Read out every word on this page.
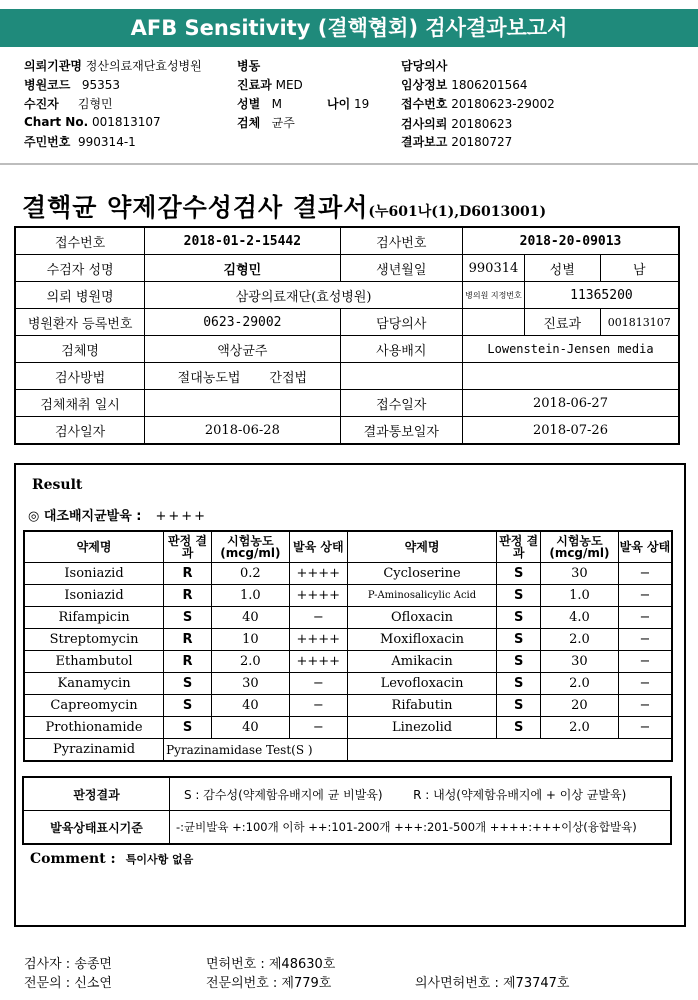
AFB Sensitivity (결핵협회) 검사결과보고서
의뢰기관명 정산의료재단효성병원	병동	담당의사
병원코드 95353	진료과 MED	임상정보 1806201564
수진자 김형민	성별 M	나이 19	접수번호 20180623-29002
Chart No. 001813107	검체 균주	검사의뢰 20180623
주민번호 990314-1	결과보고 20180727
결핵균 약제감수성검사 결과서(누601나(1),D6013001)
접수번호	2018-01-2-15442	검사번호	2018-20-09013		
수검자 성명	김형민	생년월일	990314	성별	남
의뢰 병원명	삼광의료재단(효성병원)		병의원 지정번호	11365200	
병원환자 등록번호	0623-29002	담당의사		진료과	001813107
검체명	액상균주	사용배지	Lowenstein-Jensen media		
검사방법	절대농도법 간접법				
검체채취 일시		접수일자	2018-06-27		
검사일자	2018-06-28	결과통보일자	2018-07-26		
Result
◎ 대조배지균발육 : ++++
약제명	판정 결과	시험농도 (mcg/ml)	발육 상태	약제명	판정 결과	시험농도 (mcg/ml)	발육 상태
Isoniazid	R	0.2	++++	Cycloserine	S	30	−
Isoniazid	R	1.0	++++	P-Aminosalicylic Acid	S	1.0	−
Rifampicin	S	40	−	Ofloxacin	S	4.0	−
Streptomycin	R	10	++++	Moxifloxacin	S	2.0	−
Ethambutol	R	2.0	++++	Amikacin	S	30	−
Kanamycin	S	30	−	Levofloxacin	S	2.0	−
Capreomycin	S	40	−	Rifabutin	S	20	−
Prothionamide	S	40	−	Linezolid	S	2.0	−
Pyrazinamid	Pyrazinamidase Test(S )						
판정결과	S : 감수성(약제함유배지에 균 비발육) R : 내성(약제함유배지에 + 이상 균발육)
발육상태표시기준	-:균비발육 +:100개 이하 ++:101-200개 +++:201-500개 ++++:+++이상(융합발육)
Comment : 특이사항 없음
검사자 : 송종면	면허번호 : 제48630호
전문의 : 신소연	전문의번호 : 제779호	의사면허번호 : 제73747호
